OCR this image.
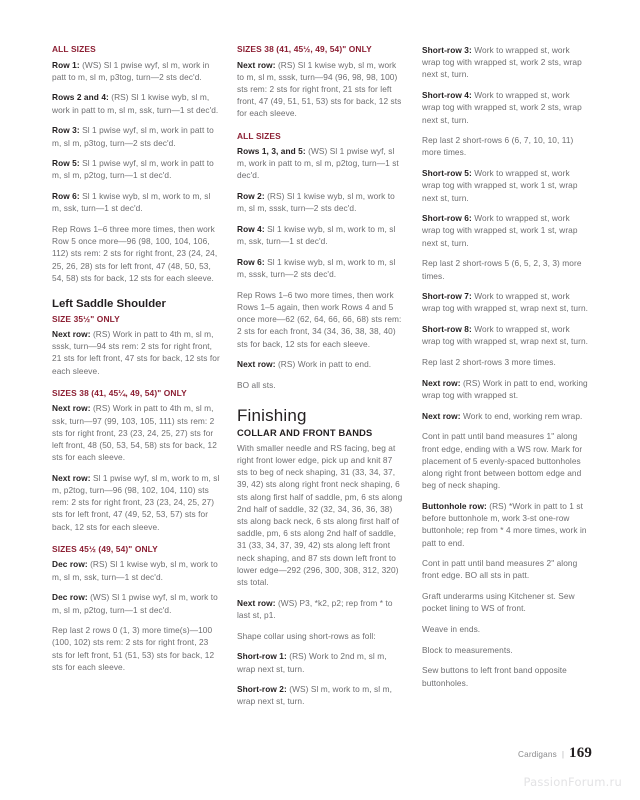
ALL SIZES

Row 1: (WS) Sl 1 pwise wyf, sl m, work in patt to m, sl m, p3tog, turn—2 sts dec'd.

Rows 2 and 4: (RS) Sl 1 kwise wyb, sl m, work in patt to m, sl m, ssk, turn—1 st dec'd.

Row 3: Sl 1 pwise wyf, sl m, work in patt to m, sl m, p3tog, turn—2 sts dec'd.

Row 5: Sl 1 pwise wyf, sl m, work in patt to m, sl m, p2tog, turn—1 st dec'd.

Row 6: Sl 1 kwise wyb, sl m, work to m, sl m, ssk, turn—1 st dec'd.

Rep Rows 1–6 three more times, then work Row 5 once more—96 (98, 100, 104, 106, 112) sts rem: 2 sts for right front, 23 (24, 24, 25, 26, 28) sts for left front, 47 (48, 50, 53, 54, 58) sts for back, 12 sts for each sleeve.

Left Saddle Shoulder
SIZE 35½" ONLY

Next row: (RS) Work in patt to 4th m, sl m, sssk, turn—94 sts rem: 2 sts for right front, 21 sts for left front, 47 sts for back, 12 sts for each sleeve.

SIZES 38 (41, 45¼, 49, 54)" ONLY

Next row: (RS) Work in patt to 4th m, sl m, ssk, turn—97 (99, 103, 105, 111) sts rem: 2 sts for right front, 23 (23, 24, 25, 27) sts for left front, 48 (50, 53, 54, 58) sts for back, 12 sts for each sleeve.

Next row: Sl 1 pwise wyf, sl m, work to m, sl m, p2tog, turn—96 (98, 102, 104, 110) sts rem: 2 sts for right front, 23 (23, 24, 25, 27) sts for left front, 47 (49, 52, 53, 57) sts for back, 12 sts for each sleeve.

SIZES 45½ (49, 54)" ONLY

Dec row: (RS) Sl 1 kwise wyb, sl m, work to m, sl m, ssk, turn—1 st dec'd.

Dec row: (WS) Sl 1 pwise wyf, sl m, work to m, sl m, p2tog, turn—1 st dec'd.

Rep last 2 rows 0 (1, 3) more time(s)—100 (100, 102) sts rem: 2 sts for right front, 23 sts for left front, 51 (51, 53) sts for back, 12 sts for each sleeve.

SIZES 38 (41, 45½, 49, 54)" ONLY

Next row: (RS) Sl 1 kwise wyb, sl m, work to m, sl m, sssk, turn—94 (96, 98, 98, 100) sts rem: 2 sts for right front, 21 sts for left front, 47 (49, 51, 51, 53) sts for back, 12 sts for each sleeve.

ALL SIZES

Rows 1, 3, and 5: (WS) Sl 1 pwise wyf, sl m, work in patt to m, sl m, p2tog, turn—1 st dec'd.

Row 2: (RS) Sl 1 kwise wyb, sl m, work to m, sl m, sssk, turn—2 sts dec'd.

Row 4: Sl 1 kwise wyb, sl m, work to m, sl m, ssk, turn—1 st dec'd.

Row 6: Sl 1 kwise wyb, sl m, work to m, sl m, sssk, turn—2 sts dec'd.

Rep Rows 1–6 two more times, then work Rows 1–5 again, then work Rows 4 and 5 once more—62 (62, 64, 66, 66, 68) sts rem: 2 sts for each front, 34 (34, 36, 38, 38, 40) sts for back, 12 sts for each sleeve.

Next row: (RS) Work in patt to end.

BO all sts.

Finishing
COLLAR AND FRONT BANDS

With smaller needle and RS facing, beg at right front lower edge, pick up and knit 87 sts to beg of neck shaping, 31 (33, 34, 37, 39, 42) sts along right front neck shaping, 6 sts along first half of saddle, pm, 6 sts along 2nd half of saddle, 32 (32, 34, 36, 36, 38) sts along back neck, 6 sts along first half of saddle, pm, 6 sts along 2nd half of saddle, 31 (33, 34, 37, 39, 42) sts along left front neck shaping, and 87 sts down left front to lower edge—292 (296, 300, 308, 312, 320) sts total.

Next row: (WS) P3, *k2, p2; rep from * to last st, p1.

Shape collar using short-rows as foll:

Short-row 1: (RS) Work to 2nd m, sl m, wrap next st, turn.

Short-row 2: (WS) Sl m, work to m, sl m, wrap next st, turn.

Short-row 3: Work to wrapped st, work wrap tog with wrapped st, work 2 sts, wrap next st, turn.

Short-row 4: Work to wrapped st, work wrap tog with wrapped st, work 2 sts, wrap next st, turn.

Rep last 2 short-rows 6 (6, 7, 10, 10, 11) more times.

Short-row 5: Work to wrapped st, work wrap tog with wrapped st, work 1 st, wrap next st, turn.

Short-row 6: Work to wrapped st, work wrap tog with wrapped st, work 1 st, wrap next st, turn.

Rep last 2 short-rows 5 (6, 5, 2, 3, 3) more times.

Short-row 7: Work to wrapped st, work wrap tog with wrapped st, wrap next st, turn.

Short-row 8: Work to wrapped st, work wrap tog with wrapped st, wrap next st, turn.

Rep last 2 short-rows 3 more times.

Next row: (RS) Work in patt to end, working wrap tog with wrapped st.

Next row: Work to end, working rem wrap.

Cont in patt until band measures 1" along front edge, ending with a WS row. Mark for placement of 5 evenly-spaced buttonholes along right front between bottom edge and beg of neck shaping.

Buttonhole row: (RS) *Work in patt to 1 st before buttonhole m, work 3-st one-row buttonhole; rep from * 4 more times, work in patt to end.

Cont in patt until band measures 2" along front edge. BO all sts in patt.

Graft underarms using Kitchener st. Sew pocket lining to WS of front.

Weave in ends.

Block to measurements.

Sew buttons to left front band opposite buttonholes.

Cardigans | 169
PassionForum.ru
